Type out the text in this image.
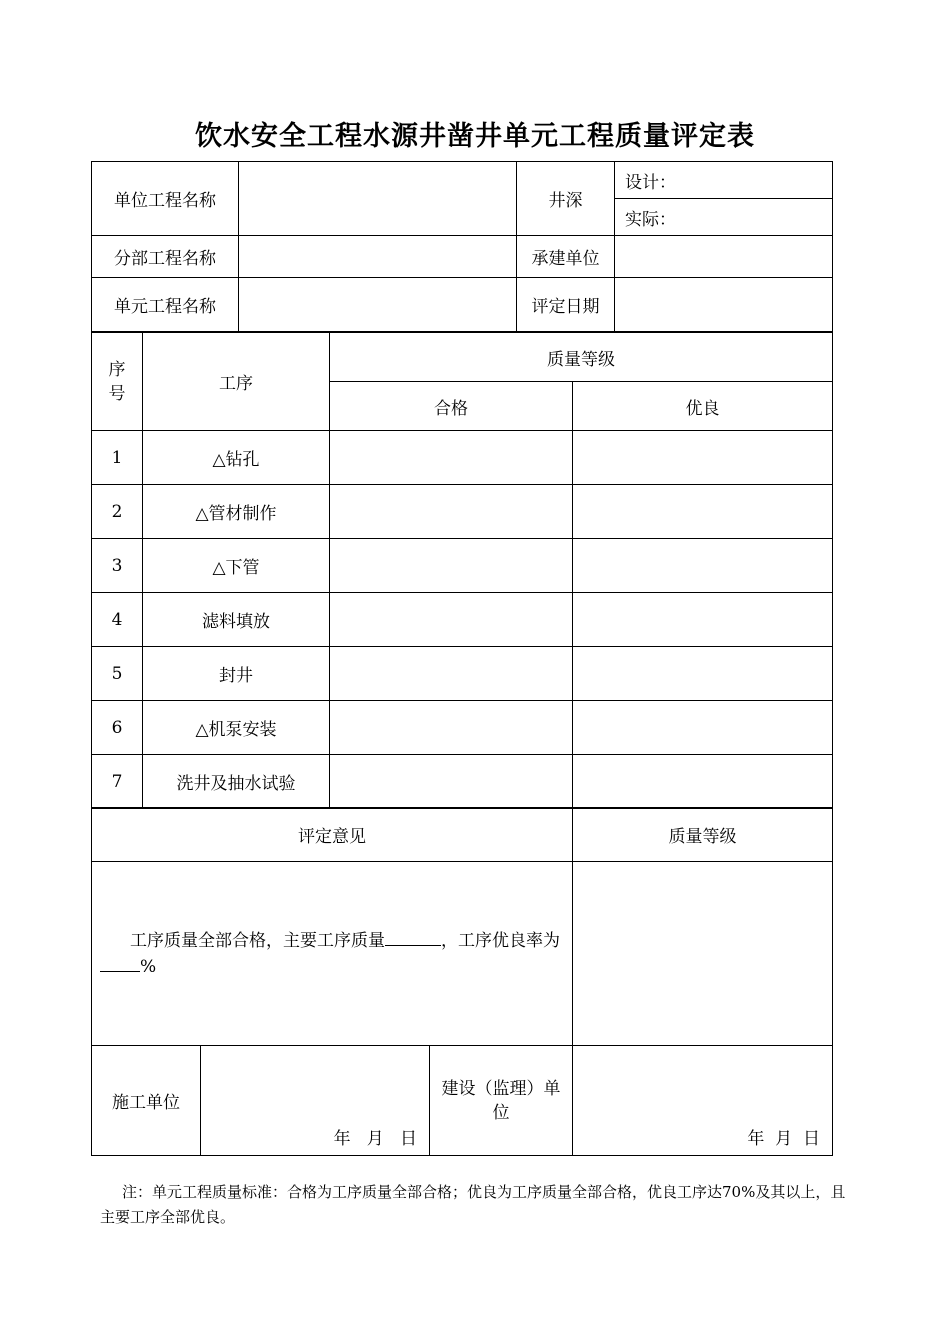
饮水安全工程水源井凿井单元工程质量评定表
单位工程名称		井深	设计：
			实际：
分部工程名称		承建单位	
单元工程名称		评定日期	
序号	工序	质量等级	
		合格	优良
1	△钻孔		
2	△管材制作		
3	△下管		
4	滤料填放		
5	封井		
6	△机泵安装		
7	洗井及抽水试验		
评定意见	质量等级
工序质量全部合格，主要工序质量 ，工序优良率为%	
施工单位	年   月   日	建设（监理）单位	年  月  日
注：单元工程质量标准：合格为工序质量全部合格；优良为工序质量全部合格，优良工序达70%及其以上，且主要工序全部优良。
